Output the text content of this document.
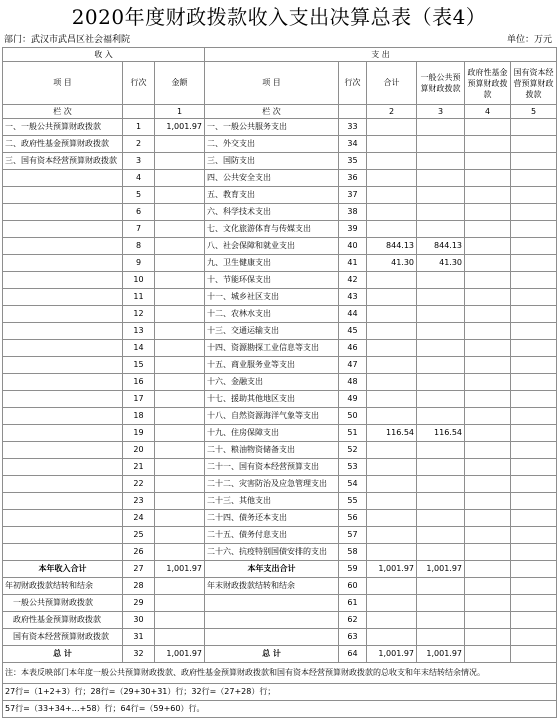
2020年度财政拨款收入支出决算总表（表4）
部门：武汉市武昌区社会福利院	单位：万元
收 入			支 出					
项 目	行次	金额	项 目	行次	合计	一般公共预算财政拨款	政府性基金预算财政拨款	国有资本经营预算财政拨款
栏 次		1	栏 次		2	3	4	5
一、一般公共预算财政拨款	1	1,001.97	一、一般公共服务支出	33				
二、政府性基金预算财政拨款	2		二、外交支出	34				
三、国有资本经营预算财政拨款	3		三、国防支出	35				
	4		四、公共安全支出	36				
	5		五、教育支出	37				
	6		六、科学技术支出	38				
	7		七、文化旅游体育与传媒支出	39				
	8		八、社会保障和就业支出	40	844.13	844.13		
	9		九、卫生健康支出	41	41.30	41.30		
	10		十、节能环保支出	42				
	11		十一、城乡社区支出	43				
	12		十二、农林水支出	44				
	13		十三、交通运输支出	45				
	14		十四、资源勘探工业信息等支出	46				
	15		十五、商业服务业等支出	47				
	16		十六、金融支出	48				
	17		十七、援助其他地区支出	49				
	18		十八、自然资源海洋气象等支出	50				
	19		十九、住房保障支出	51	116.54	116.54		
	20		二十、粮油物资储备支出	52				
	21		二十一、国有资本经营预算支出	53				
	22		二十二、灾害防治及应急管理支出	54				
	23		二十三、其他支出	55				
	24		二十四、债务还本支出	56				
	25		二十五、债务付息支出	57				
	26		二十六、抗疫特别国债安排的支出	58				
本年收入合计	27	1,001.97	本年支出合计	59	1,001.97	1,001.97		
年初财政拨款结转和结余	28		年末财政拨款结转和结余	60				
一般公共预算财政拨款	29			61				
政府性基金预算财政拨款	30			62				
国有资本经营预算财政拨款	31			63				
总 计	32	1,001.97	总 计	64	1,001.97	1,001.97		
注：本表反映部门本年度一般公共预算财政拨款、政府性基金预算财政拨款和国有资本经营预算财政拨款的总收支和年末结转结余情况。								
27行=（1+2+3）行；28行=（29+30+31）行；32行=（27+28）行；								
57行=（33+34+…+58）行；64行=（59+60）行。								
